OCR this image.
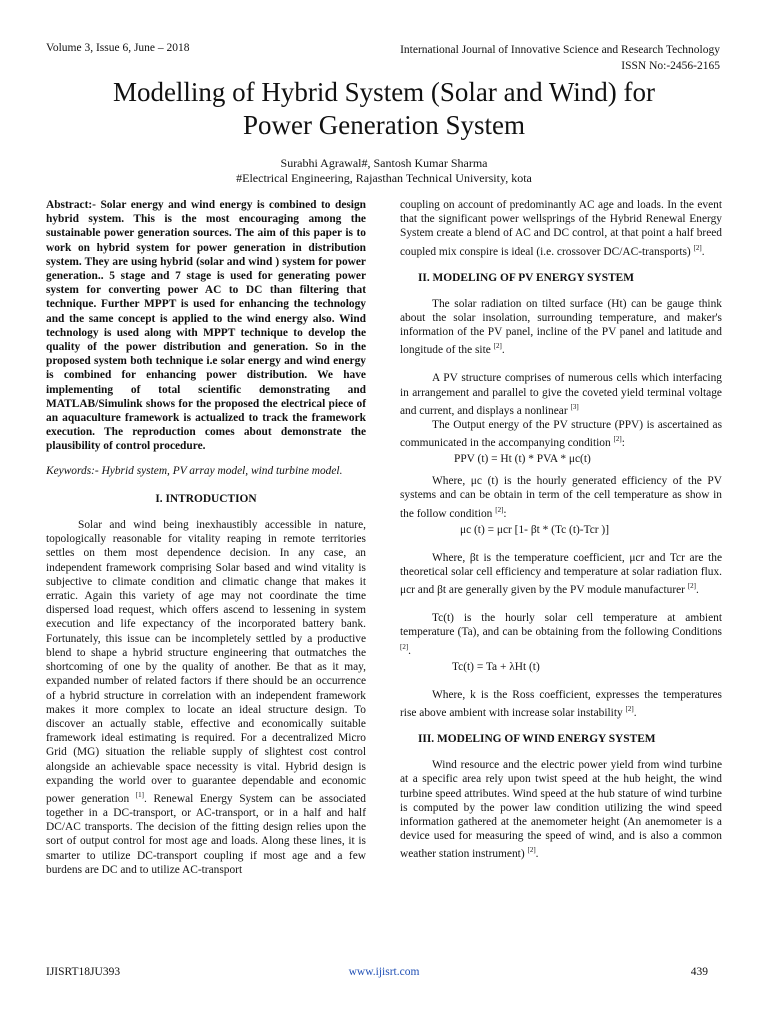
Volume 3, Issue 6, June – 2018	International Journal of Innovative Science and Research Technology
ISSN No:-2456-2165
Modelling of Hybrid System (Solar and Wind) for
Power Generation System
Surabhi Agrawal#, Santosh Kumar Sharma
#Electrical Engineering, Rajasthan Technical University, kota

Abstract:- Solar energy and wind energy is combined to design hybrid system. This is the most encouraging among the sustainable power generation sources. The aim of this paper is to work on hybrid system for power generation in distribution system. They are using hybrid (solar and wind ) system for power generation.. 5 stage and 7 stage is used for generating power system for converting power AC to DC than filtering that technique. Further MPPT is used for enhancing the technology and the same concept is applied to the wind energy also. Wind technology is used along with MPPT technique to develop the quality of the power distribution and generation. So in the proposed system both technique i.e solar energy and wind energy is combined for enhancing power distribution. We have implementing of total scientific demonstrating and MATLAB/Simulink shows for the proposed the electrical piece of an aquaculture framework is actualized to track the framework execution. The reproduction comes about demonstrate the plausibility of control procedure.

Keywords:- Hybrid system, PV array model, wind turbine model.

I. INTRODUCTION

Solar and wind being inexhaustibly accessible in nature, topologically reasonable for vitality reaping in remote territories settles on them most dependence decision. In any case, an independent framework comprising Solar based and wind vitality is subjective to climate condition and climatic change that makes it erratic. Again this variety of age may not coordinate the time dispersed load request, which offers ascend to lessening in system execution and life expectancy of the incorporated battery bank. Fortunately, this issue can be incompletely settled by a productive blend to shape a hybrid structure engineering that outmatches the shortcoming of one by the quality of another. Be that as it may, expanded number of related factors if there should be an occurrence of a hybrid structure in correlation with an independent framework makes it more complex to locate an ideal structure design. To discover an actually stable, effective and economically suitable framework ideal estimating is required. For a decentralized Micro Grid (MG) situation the reliable supply of slightest cost control alongside an achievable space necessity is vital. Hybrid design is expanding the world over to guarantee dependable and economic power generation [1]. Renewal Energy System can be associated together in a DC-transport, or AC-transport, or in a half and half DC/AC transports. The decision of the fitting design relies upon the sort of output control for most age and loads. Along these lines, it is smarter to utilize DC-transport coupling if most age and a few burdens are DC and to utilize AC-transport

coupling on account of predominantly AC age and loads. In the event that the significant power wellsprings of the Hybrid Renewal Energy System create a blend of AC and DC control, at that point a half breed coupled mix conspire is ideal (i.e. crossover DC/AC-transports) [2].

II. MODELING OF PV ENERGY SYSTEM

The solar radiation on tilted surface (Ht) can be gauge think about the solar insolation, surrounding temperature, and maker's information of the PV panel, incline of the PV panel and latitude and longitude of the site [2].

A PV structure comprises of numerous cells which interfacing in arrangement and parallel to give the coveted yield terminal voltage and current, and displays a nonlinear [3]

The Output energy of the PV structure (PPV) is ascertained as communicated in the accompanying condition [2]:

PPV (t) = Ht (t) * PVA * μc(t)

Where, μc (t) is the hourly generated efficiency of the PV systems and can be obtain in term of the cell temperature as show in the follow condition [2]:

μc (t) = μcr [1- βt * (Tc (t)-Tcr )]

Where, βt is the temperature coefficient, μcr and Tcr are the theoretical solar cell efficiency and temperature at solar radiation flux. μcr and βt are generally given by the PV module manufacturer [2].

Tc(t) is the hourly solar cell temperature at ambient temperature (Ta), and can be obtaining from the following Conditions [2].

Tc(t) = Ta + λHt (t)

Where, k is the Ross coefficient, expresses the temperatures rise above ambient with increase solar instability [2].

III. MODELING OF WIND ENERGY SYSTEM

Wind resource and the electric power yield from wind turbine at a specific area rely upon twist speed at the hub height, the wind turbine speed attributes. Wind speed at the hub stature of wind turbine is computed by the power law condition utilizing the wind speed information gathered at the anemometer height (An anemometer is a device used for measuring the speed of wind, and is also a common weather station instrument) [2].

IJISRT18JU393	www.ijisrt.com	439
